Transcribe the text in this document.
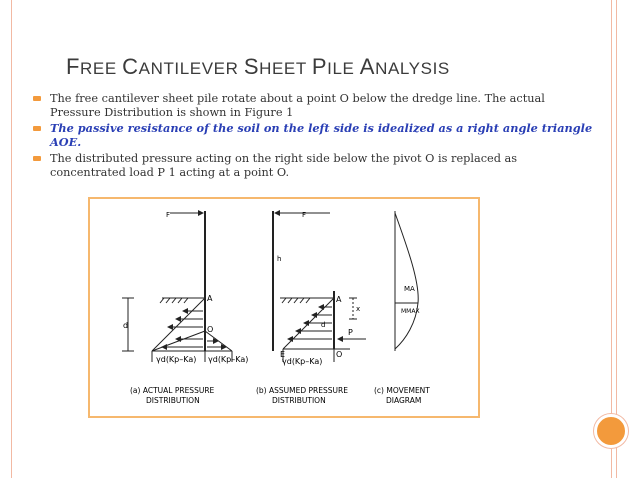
FREE CANTILEVER SHEET PILE ANALYSIS
The free cantilever sheet pile rotate about a point O below the dredge line. The actual Pressure Distribution is shown in Figure 1
The passive resistance of the soil on the left side is idealized as a right angle triangle AOE.
The distributed pressure acting on the right side below the pivot O is replaced as concentrated load P 1 acting at a point O.
F
A
O
d
γd(Kp–Ka) γd(Kp–Ka)
(a) ACTUAL PRESSURE
DISTRIBUTION
F
h
A
x
d
P
E	O
γd(Kp–Ka)
(b) ASSUMED PRESSURE
DISTRIBUTION
MA
MMAX
(c) MOVEMENT
DIAGRAM
